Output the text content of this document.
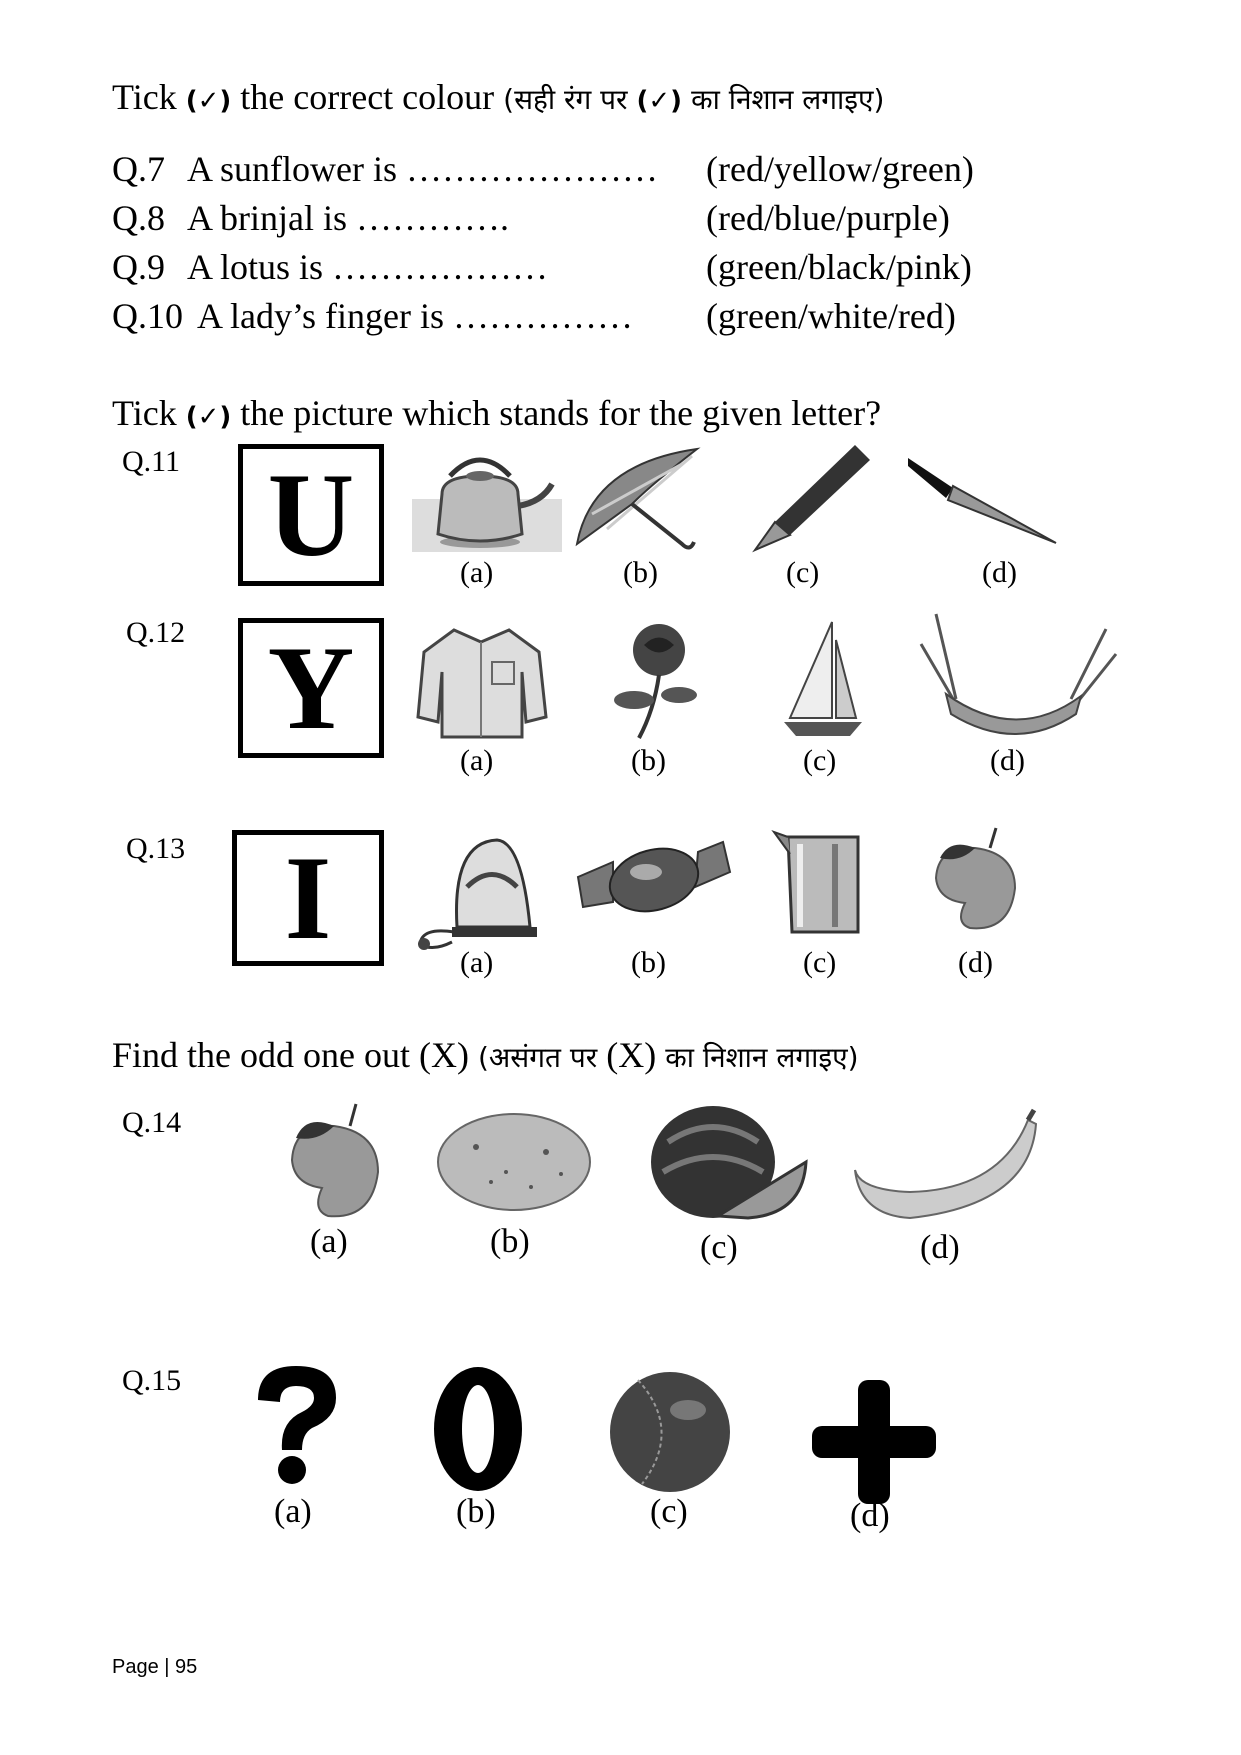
Tick (✓) the correct colour (सही रंग पर (✓) का निशान लगाइए)
Q.7 A sunflower is ………………… (red/yellow/green)
Q.8 A brinjal is ………….	(red/blue/purple)
Q.9 A lotus is ………………	(green/black/pink)
Q.10 A lady’s finger is …………… (green/white/red)
Tick (✓) the picture which stands for the given letter?
Q.11 U	(a)	(b)	(c)	(d)
Q.12 Y
(a)	(b)	(c)	(d)
Q.13 I	(a)	(b)	(c)	(d)
Find the odd one out (X) (असंगत पर (X) का निशान लगाइए)
Q.14
(a)	(b)	(c)	(d)
Q.15
(a)	(b)	(c)	(d)
Page | 95
